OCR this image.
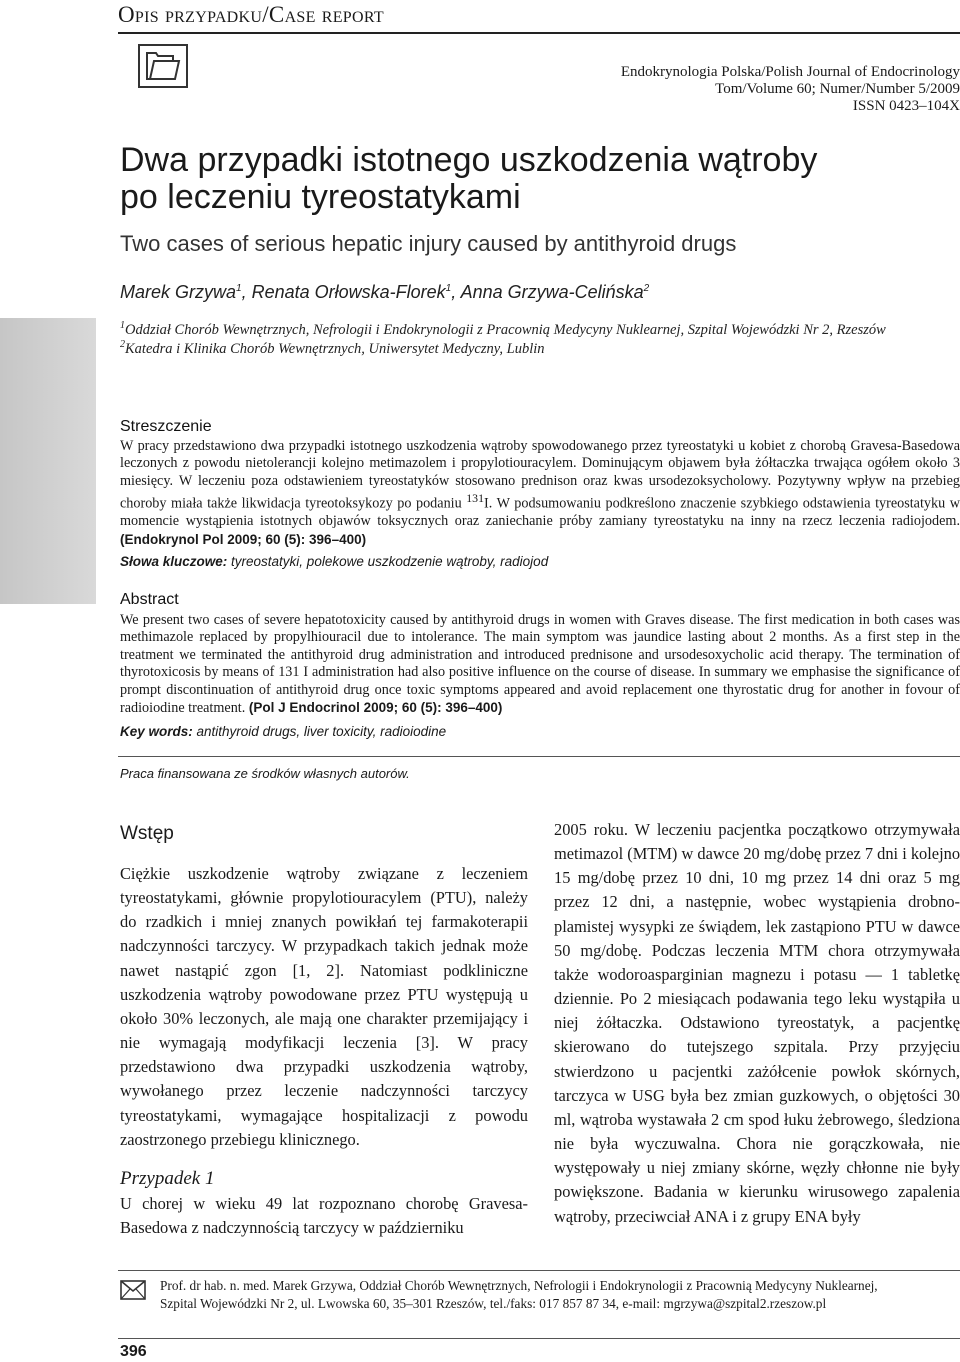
Opis przypadku/Case report
Endokrynologia Polska/Polish Journal of Endocrinology
Tom/Volume 60; Numer/Number 5/2009
ISSN 0423–104X
Dwa przypadki istotnego uszkodzenia wątroby
po leczeniu tyreostatykami
Two cases of serious hepatic injury caused by antithyroid drugs
Marek Grzywa$^1$, Renata Orłowska-Florek$^1$, Anna Grzywa-Celińska$^2$
$^1$Oddział Chorób Wewnętrznych, Nefrologii i Endokrynologii z Pracownią Medycyny Nuklearnej, Szpital Wojewódzki Nr 2, Rzeszów
$^2$Katedra i Klinika Chorób Wewnętrznych, Uniwersytet Medyczny, Lublin
Streszczenie
W pracy przedstawiono dwa przypadki istotnego uszkodzenia wątroby spowodowanego przez tyreostatyki u kobiet z chorobą Gravesa-Basedowa leczonych z powodu nietolerancji kolejno metimazolem i propylotiouracylem. Dominującym objawem była żółtaczka trwająca ogółem około 3 miesięcy. W leczeniu poza odstawieniem tyreostatyków stosowano prednison oraz kwas ursodezoksycholowy. Pozytywny wpływ na przebieg choroby miała także likwidacja tyreotoksykozy po podaniu $^{131}$I. W podsumowaniu podkreślono znaczenie szybkiego odstawienia tyreostatyku w momencie wystąpienia istotnych objawów toksycznych oraz zaniechanie próby zamiany tyreostatyku na inny na rzecz leczenia radiojodem. (Endokrynol Pol 2009; 60 (5): 396–400)
Słowa kluczowe: tyreostatyki, polekowe uszkodzenie wątroby, radiojod
Abstract
We present two cases of severe hepatotoxicity caused by antithyroid drugs in women with Graves disease. The first medication in both cases was methimazole replaced by propylhiouracil due to intolerance. The main symptom was jaundice lasting about 2 months. As a first step in the treatment we terminated the antithyroid drug administration and introduced prednisone and ursodesoxycholic acid therapy. The termination of thyrotoxicosis by means of 131 I administration had also positive influence on the course of disease. In summary we emphasise the significance of prompt discontinuation of antithyroid drug once toxic symptoms appeared and avoid replacement one thyrostatic drug for another in fovour of radioiodine treatment. (Pol J Endocrinol 2009; 60 (5): 396–400)
Key words: antithyroid drugs, liver toxicity, radioiodine
Praca finansowana ze środków własnych autorów.
Wstęp
Ciężkie uszkodzenie wątroby związane z leczeniem tyreostatykami, głównie propylotiouracylem (PTU), należy do rzadkich i mniej znanych powikłań tej farmakoterapii nadczynności tarczycy. W przypadkach takich jednak może nawet nastąpić zgon [1, 2]. Natomiast podkliniczne uszkodzenia wątroby powodowane przez PTU występują u około 30% leczonych, ale mają one charakter przemijający i nie wymagają modyfikacji leczenia [3]. W pracy przedstawiono dwa przypadki uszkodzenia wątroby, wywołanego przez leczenie nadczynności tarczycy tyreostatykami, wymagające hospitalizacji z powodu zaostrzonego przebiegu klinicznego.
Przypadek 1
U chorej w wieku 49 lat rozpoznano chorobę Gravesa-Basedowa z nadczynnością tarczycy w październiku
2005 roku. W leczeniu pacjentka początkowo otrzymywała metimazol (MTM) w dawce 20 mg/dobę przez 7 dni i kolejno 15 mg/dobę przez 10 dni, 10 mg przez 14 dni oraz 5 mg przez 12 dni, a następnie, wobec wystąpienia drobno-plamistej wysypki ze świądem, lek zastąpiono PTU w dawce 50 mg/dobę. Podczas leczenia MTM chora otrzymywała także wodoroasparginian magnezu i potasu — 1 tabletkę dziennie. Po 2 miesiącach podawania tego leku wystąpiła u niej żółtaczka. Odstawiono tyreostatyk, a pacjentkę skierowano do tutejszego szpitala. Przy przyjęciu stwierdzono u pacjentki zażółcenie powłok skórnych, tarczyca w USG była bez zmian guzkowych, o objętości 30 ml, wątroba wystawała 2 cm spod łuku żebrowego, śledziona nie była wyczuwalna. Chora nie gorączkowała, nie występowały u niej zmiany skórne, węzły chłonne nie były powiększone. Badania w kierunku wirusowego zapalenia wątroby, przeciwciał ANA i z grupy ENA były
Prof. dr hab. n. med. Marek Grzywa, Oddział Chorób Wewnętrznych, Nefrologii i Endokrynologii z Pracownią Medycyny Nuklearnej,
Szpital Wojewódzki Nr 2, ul. Lwowska 60, 35–301 Rzeszów, tel./faks: 017 857 87 34, e-mail: mgrzywa@szpital2.rzeszow.pl
396
